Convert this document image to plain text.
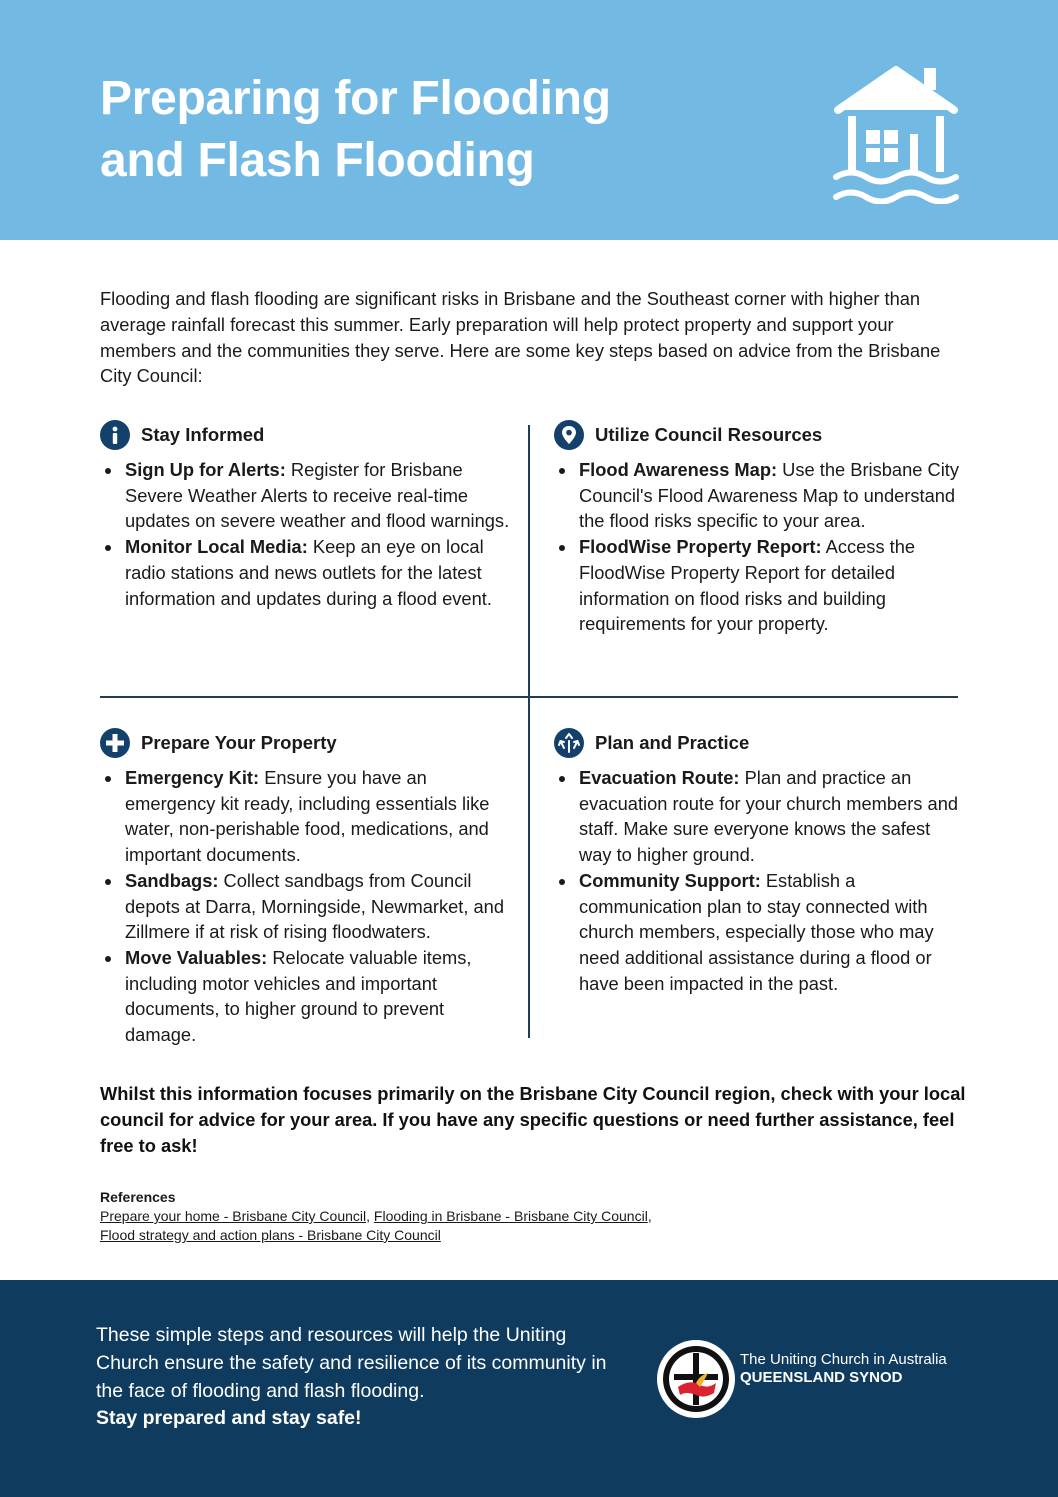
Preparing for Flooding
and Flash Flooding

Flooding and flash flooding are significant risks in Brisbane and the Southeast corner with higher than average rainfall forecast this summer. Early preparation will help protect property and support your members and the communities they serve. Here are some key steps based on advice from the Brisbane City Council:

Stay Informed
Sign Up for Alerts: Register for Brisbane Severe Weather Alerts to receive real-time updates on severe weather and flood warnings.
Monitor Local Media: Keep an eye on local radio stations and news outlets for the latest information and updates during a flood event.
Utilize Council Resources
Flood Awareness Map: Use the Brisbane City Council's Flood Awareness Map to understand the flood risks specific to your area.
FloodWise Property Report: Access the FloodWise Property Report for detailed information on flood risks and building requirements for your property.
Prepare Your Property
Emergency Kit: Ensure you have an emergency kit ready, including essentials like water, non-perishable food, medications, and important documents.
Sandbags: Collect sandbags from Council depots at Darra, Morningside, Newmarket, and Zillmere if at risk of rising floodwaters.
Move Valuables: Relocate valuable items, including motor vehicles and important documents, to higher ground to prevent damage.
Plan and Practice
Evacuation Route: Plan and practice an evacuation route for your church members and staff. Make sure everyone knows the safest way to higher ground.
Community Support: Establish a communication plan to stay connected with church members, especially those who may need additional assistance during a flood or have been impacted in the past.

Whilst this information focuses primarily on the Brisbane City Council region, check with your local council for advice for your area. If you have any specific questions or need further assistance, feel free to ask!

References
Prepare your home - Brisbane City Council, Flooding in Brisbane - Brisbane City Council,
Flood strategy and action plans - Brisbane City Council

These simple steps and resources will help the Uniting Church ensure the safety and resilience of its community in the face of flooding and flash flooding.
Stay prepared and stay safe!

The Uniting Church in Australia
QUEENSLAND SYNOD
